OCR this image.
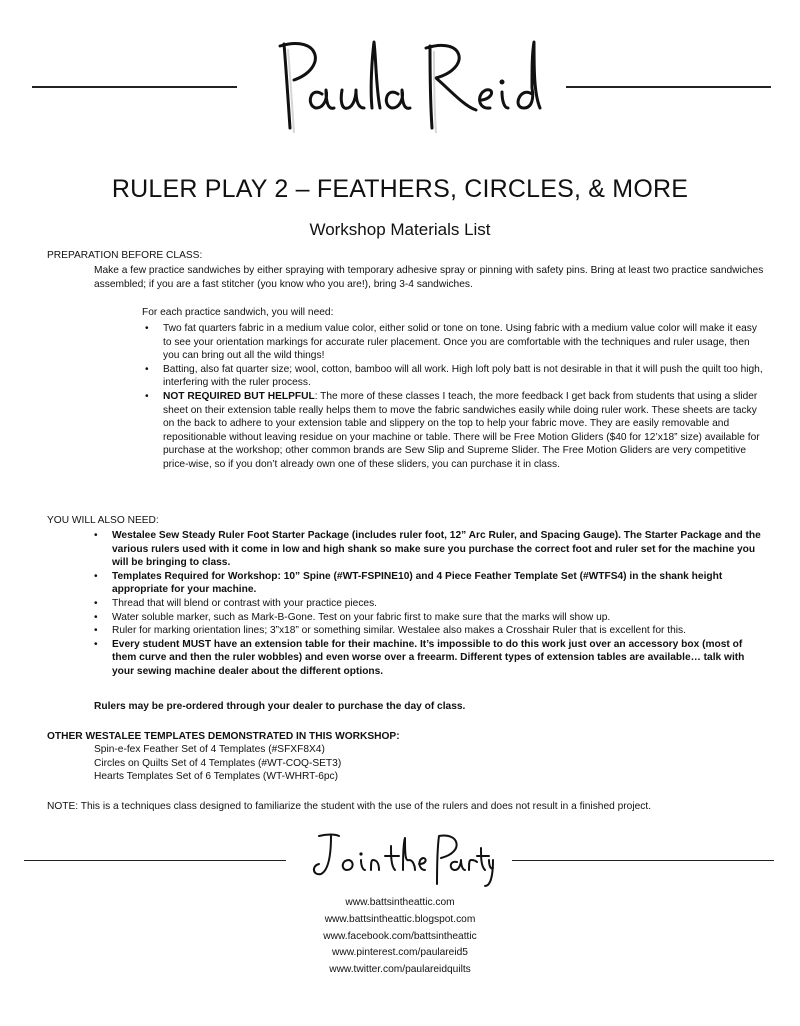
RULER PLAY 2 – FEATHERS, CIRCLES, & MORE
Workshop Materials List

PREPARATION BEFORE CLASS:

Make a few practice sandwiches by either spraying with temporary adhesive spray or pinning with safety pins. Bring at least two practice sandwiches assembled; if you are a fast stitcher (you know who you are!), bring 3-4 sandwiches.

For each practice sandwich, you will need:

•	Two fat quarters fabric in a medium value color, either solid or tone on tone. Using fabric with a medium value color will make it easy to see your orientation markings for accurate ruler placement. Once you are comfortable with the techniques and ruler usage, then you can bring out all the wild things!
•	Batting, also fat quarter size; wool, cotton, bamboo will all work. High loft poly batt is not desirable in that it will push the quilt too high, interfering with the ruler process.
•	NOT REQUIRED BUT HELPFUL: The more of these classes I teach, the more feedback I get back from students that using a slider sheet on their extension table really helps them to move the fabric sandwiches easily while doing ruler work. These sheets are tacky on the back to adhere to your extension table and slippery on the top to help your fabric move. They are easily removable and repositionable without leaving residue on your machine or table. There will be Free Motion Gliders ($40 for 12’x18” size) available for purchase at the workshop; other common brands are Sew Slip and Supreme Slider. The Free Motion Gliders are very competitive price-wise, so if you don’t already own one of these sliders, you can purchase it in class.

YOU WILL ALSO NEED:

•	Westalee Sew Steady Ruler Foot Starter Package (includes ruler foot, 12” Arc Ruler, and Spacing Gauge). The Starter Package and the various rulers used with it come in low and high shank so make sure you purchase the correct foot and ruler set for the machine you will be bringing to class.
•	Templates Required for Workshop: 10” Spine (#WT-FSPINE10) and 4 Piece Feather Template Set (#WTFS4) in the shank height appropriate for your machine.
•	Thread that will blend or contrast with your practice pieces.
•	Water soluble marker, such as Mark-B-Gone. Test on your fabric first to make sure that the marks will show up.
•	Ruler for marking orientation lines; 3”x18” or something similar. Westalee also makes a Crosshair Ruler that is excellent for this.
•	Every student MUST have an extension table for their machine. It’s impossible to do this work just over an accessory box (most of them curve and then the ruler wobbles) and even worse over a freearm. Different types of extension tables are available… talk with your sewing machine dealer about the different options.

Rulers may be pre-ordered through your dealer to purchase the day of class.

OTHER WESTALEE TEMPLATES DEMONSTRATED IN THIS WORKSHOP:

Spin-e-fex Feather Set of 4 Templates (#SFXF8X4)

Circles on Quilts Set of 4 Templates (#WT-COQ-SET3)

Hearts Templates Set of 6 Templates (WT-WHRT-6pc)

NOTE: This is a techniques class designed to familiarize the student with the use of the rulers and does not result in a finished project.

www.battsintheattic.com
www.battsintheattic.blogspot.com
www.facebook.com/battsintheattic
www.pinterest.com/paulareid5
www.twitter.com/paulareidquilts
